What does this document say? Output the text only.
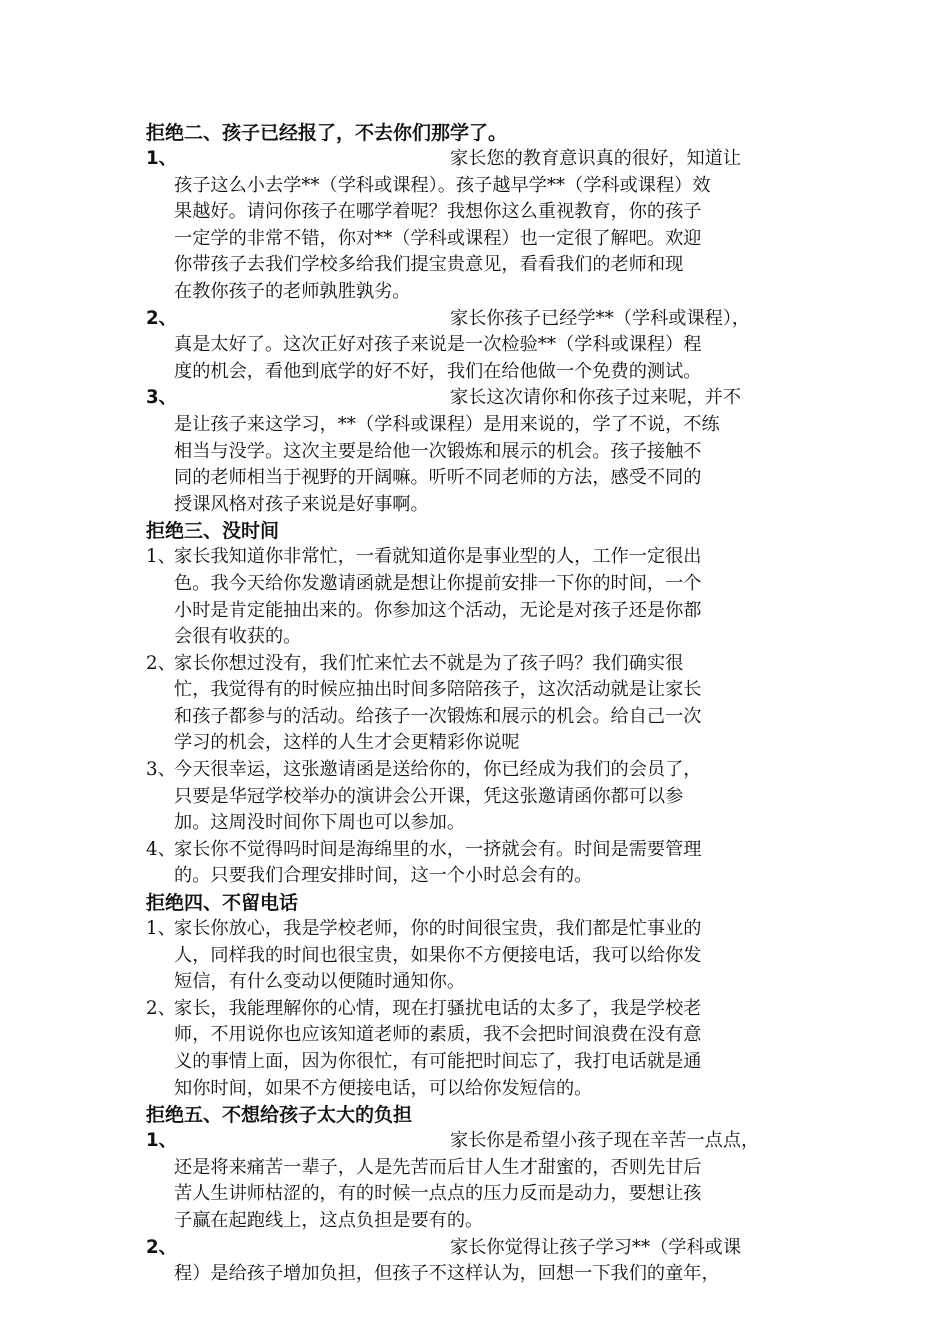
拒绝二、孩子已经报了，不去你们那学了。

1、	家长您的教育意识真的很好，知道让
孩子这么小去学**（学科或课程）。孩子越早学**（学科或课程）效
果越好。请问你孩子在哪学着呢？我想你这么重视教育，你的孩子
一定学的非常不错，你对**（学科或课程）也一定很了解吧。欢迎
你带孩子去我们学校多给我们提宝贵意见，看看我们的老师和现
在教你孩子的老师孰胜孰劣。
2、	家长你孩子已经学**（学科或课程），
真是太好了。这次正好对孩子来说是一次检验**（学科或课程）程
度的机会，看他到底学的好不好，我们在给他做一个免费的测试。
3、	家长这次请你和你孩子过来呢，并不
是让孩子来这学习，**（学科或课程）是用来说的，学了不说，不练
相当与没学。这次主要是给他一次锻炼和展示的机会。孩子接触不
同的老师相当于视野的开阔嘛。听听不同老师的方法，感受不同的
授课风格对孩子来说是好事啊。

拒绝三、没时间

1、
家长我知道你非常忙，一看就知道你是事业型的人，工作一定很出
色。我今天给你发邀请函就是想让你提前安排一下你的时间，一个
小时是肯定能抽出来的。你参加这个活动，无论是对孩子还是你都
会很有收获的。
2、
家长你想过没有，我们忙来忙去不就是为了孩子吗？我们确实很
忙，我觉得有的时候应抽出时间多陪陪孩子，这次活动就是让家长
和孩子都参与的活动。给孩子一次锻炼和展示的机会。给自己一次
学习的机会，这样的人生才会更精彩你说呢
3、
今天很幸运，这张邀请函是送给你的，你已经成为我们的会员了，
只要是华冠学校举办的演讲会公开课，凭这张邀请函你都可以参
加。这周没时间你下周也可以参加。
4、
家长你不觉得吗时间是海绵里的水，一挤就会有。时间是需要管理
的。只要我们合理安排时间，这一个小时总会有的。

拒绝四、不留电话

1、
家长你放心，我是学校老师，你的时间很宝贵，我们都是忙事业的
人，同样我的时间也很宝贵，如果你不方便接电话，我可以给你发
短信，有什么变动以便随时通知你。
2、
家长，我能理解你的心情，现在打骚扰电话的太多了，我是学校老
师，不用说你也应该知道老师的素质，我不会把时间浪费在没有意
义的事情上面，因为你很忙，有可能把时间忘了，我打电话就是通
知你时间，如果不方便接电话，可以给你发短信的。

拒绝五、不想给孩子太大的负担

1、	家长你是希望小孩子现在辛苦一点点，
还是将来痛苦一辈子，人是先苦而后甘人生才甜蜜的，否则先甘后
苦人生讲师枯涩的，有的时候一点点的压力反而是动力，要想让孩
子赢在起跑线上，这点负担是要有的。
2、	家长你觉得让孩子学习**（学科或课
程）是给孩子增加负担，但孩子不这样认为，回想一下我们的童年，
